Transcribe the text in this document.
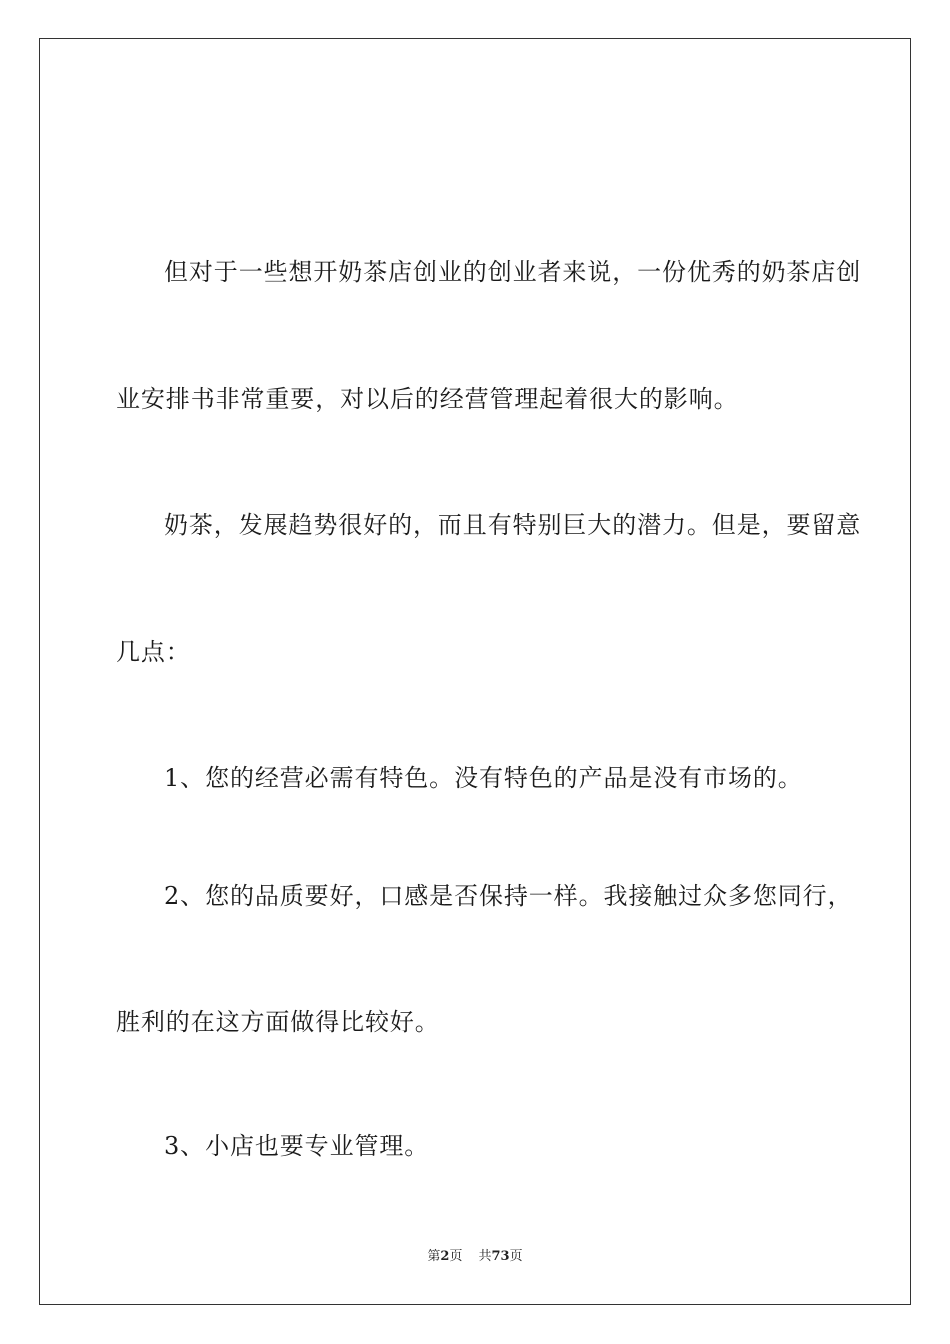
但对于一些想开奶茶店创业的创业者来说，一份优秀的奶茶店创

业安排书非常重要，对以后的经营管理起着很大的影响。

奶茶，发展趋势很好的，而且有特别巨大的潜力。但是，要留意

几点：

1、您的经营必需有特色。没有特色的产品是没有市场的。

2、您的品质要好，口感是否保持一样。我接触过众多您同行，

胜利的在这方面做得比较好。

3、小店也要专业管理。

第2页 共73页
